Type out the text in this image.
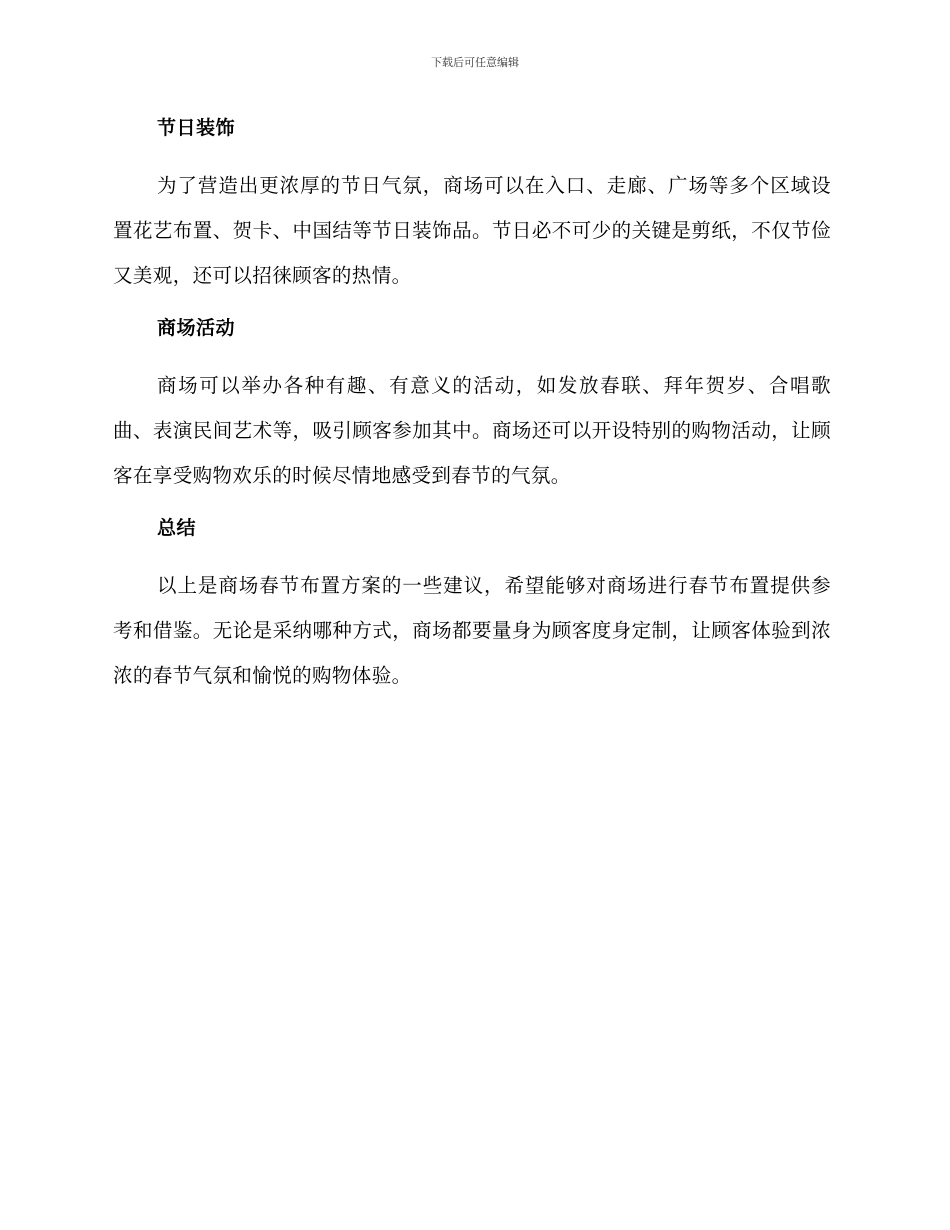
下载后可任意编辑
节日装饰

为了营造出更浓厚的节日气氛，商场可以在入口、走廊、广场等多个区域设置花艺布置、贺卡、中国结等节日装饰品。节日必不可少的关键是剪纸，不仅节俭又美观，还可以招徕顾客的热情。

商场活动

商场可以举办各种有趣、有意义的活动，如发放春联、拜年贺岁、合唱歌曲、表演民间艺术等，吸引顾客参加其中。商场还可以开设特别的购物活动，让顾客在享受购物欢乐的时候尽情地感受到春节的气氛。

总结

以上是商场春节布置方案的一些建议，希望能够对商场进行春节布置提供参考和借鉴。无论是采纳哪种方式，商场都要量身为顾客度身定制，让顾客体验到浓浓的春节气氛和愉悦的购物体验。
